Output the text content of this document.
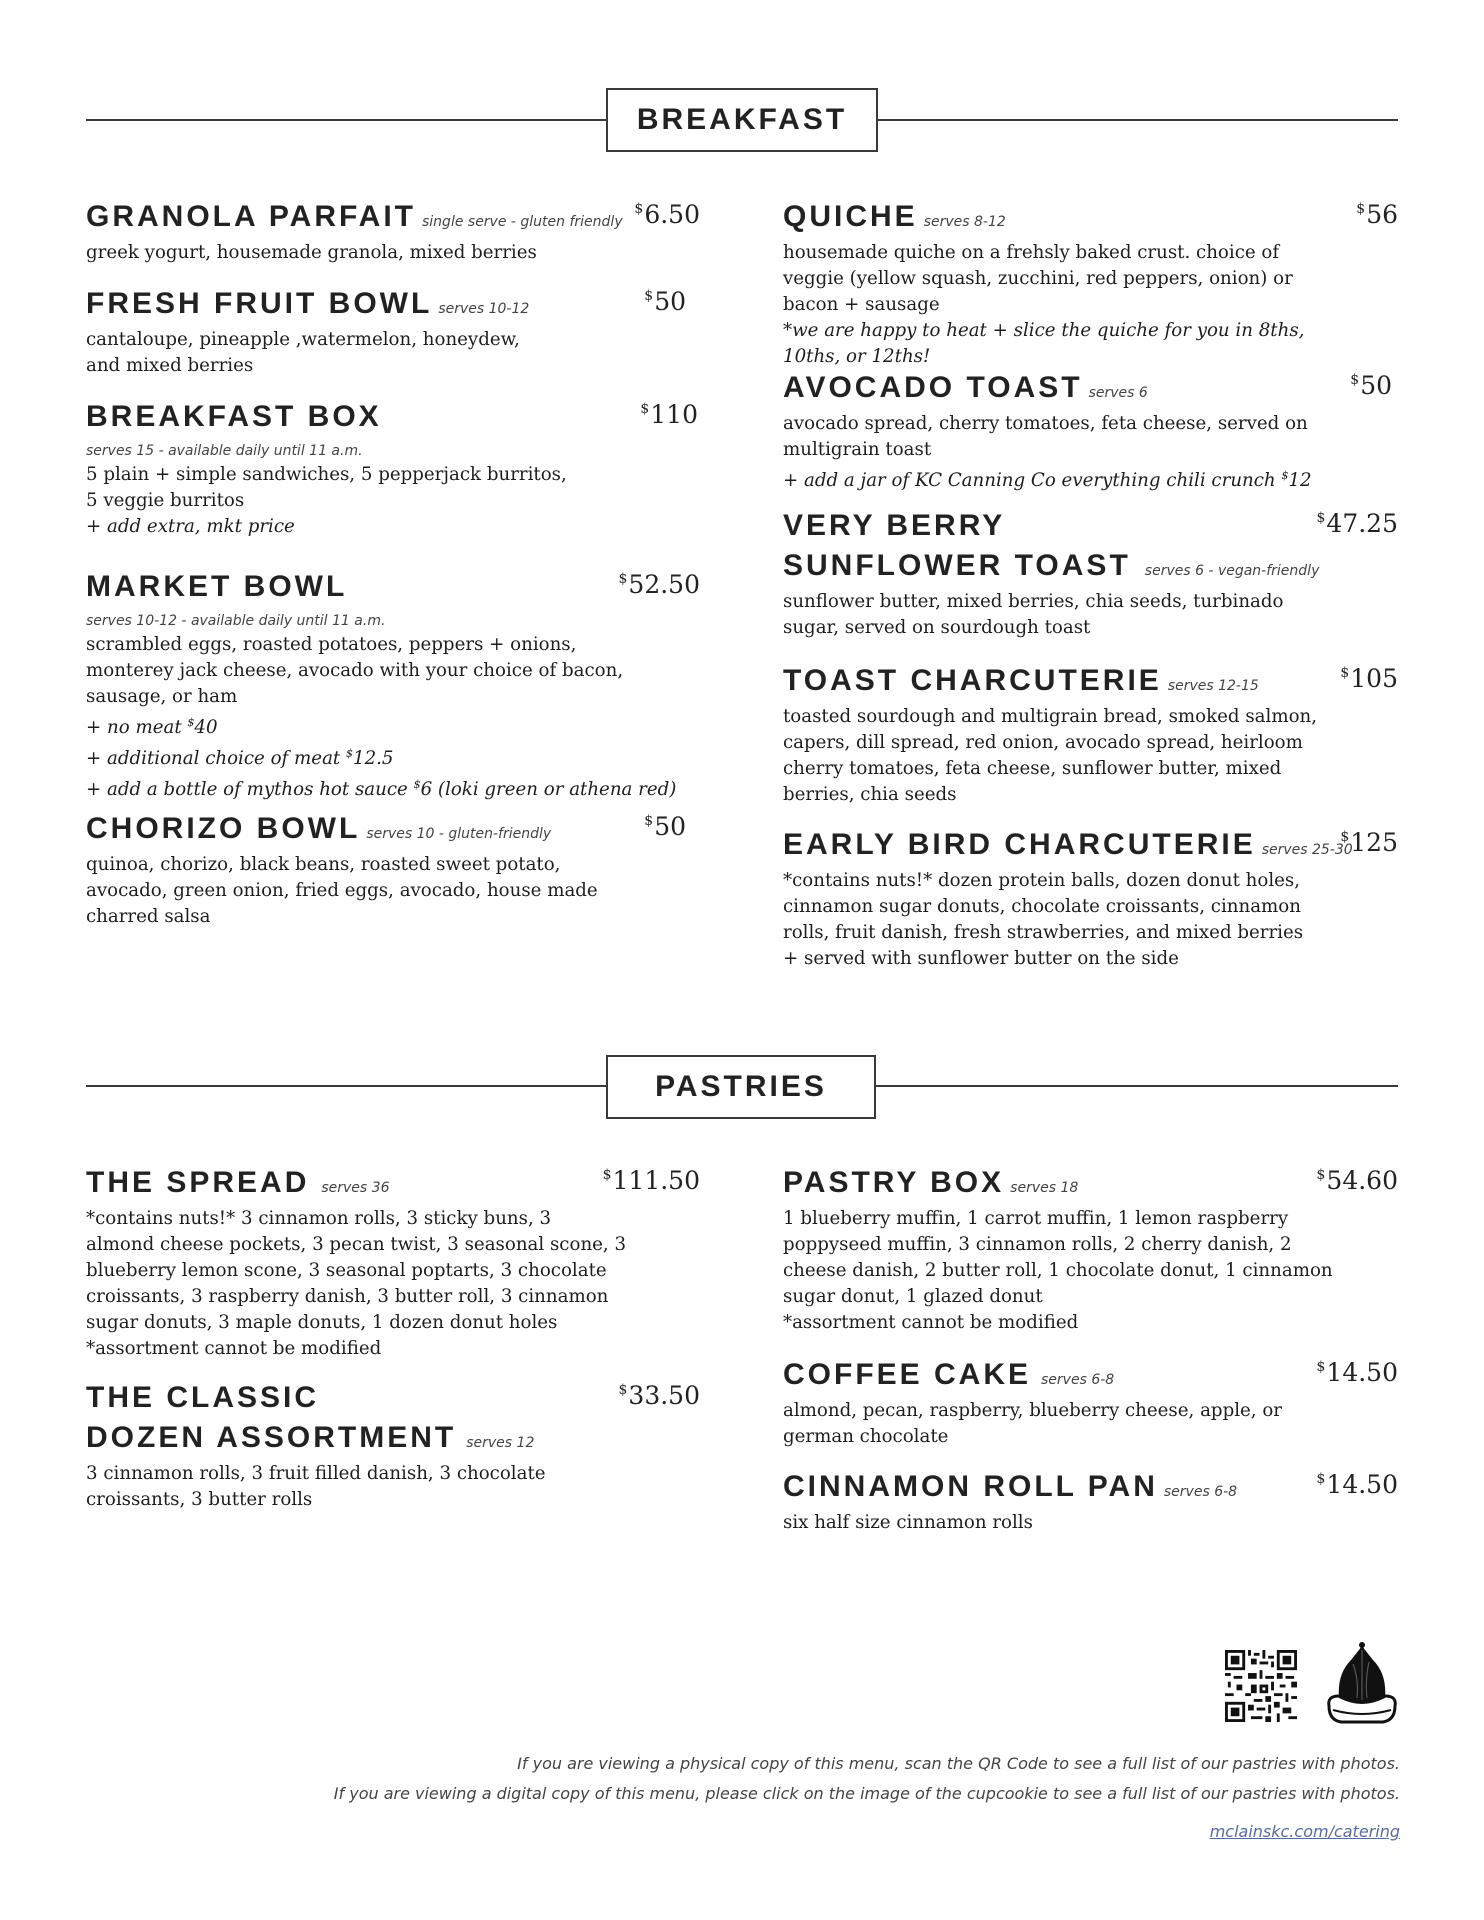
BREAKFAST
GRANOLA PARFAIT single serve - gluten friendly
$6.50

greek yogurt, housemade granola, mixed berries

FRESH FRUIT BOWL serves 10-12
$50

cantaloupe, pineapple ,watermelon, honeydew,
and mixed berries

BREAKFAST BOX	$110
serves 15 - available daily until 11 a.m.

5 plain + simple sandwiches, 5 pepperjack burritos,
5 veggie burritos

+ add extra, mkt price

MARKET BOWL	$52.50
serves 10-12 - available daily until 11 a.m.

scrambled eggs, roasted potatoes, peppers + onions,
monterey jack cheese, avocado with your choice of bacon,
sausage, or ham

+ no meat $40

+ additional choice of meat $12.5

+ add a bottle of mythos hot sauce $6 (loki green or athena red)

CHORIZO BOWL serves 10 - gluten-friendly
$50

quinoa, chorizo, black beans, roasted sweet potato,
avocado, green onion, fried eggs, avocado, house made
charred salsa

QUICHE serves 8-12
$56

housemade quiche on a frehsly baked crust. choice of
veggie (yellow squash, zucchini, red peppers, onion) or
bacon + sausage

*we are happy to heat + slice the quiche for you in 8ths,
10ths, or 12ths!

AVOCADO TOAST serves 6
$50

avocado spread, cherry tomatoes, feta cheese, served on
multigrain toast

+ add a jar of KC Canning Co everything chili crunch $12

VERY BERRY	$47.25
SUNFLOWER TOAST serves 6 - vegan-friendly

sunflower butter, mixed berries, chia seeds, turbinado
sugar, served on sourdough toast

TOAST CHARCUTERIE serves 12-15
$105

toasted sourdough and multigrain bread, smoked salmon,
capers, dill spread, red onion, avocado spread, heirloom
cherry tomatoes, feta cheese, sunflower butter, mixed
berries, chia seeds

EARLY BIRD CHARCUTERIE serves 25-30
$125

*contains nuts!* dozen protein balls, dozen donut holes,
cinnamon sugar donuts, chocolate croissants, cinnamon
rolls, fruit danish, fresh strawberries, and mixed berries
+ served with sunflower butter on the side

PASTRIES
THE SPREAD serves 36
$111.50

*contains nuts!* 3 cinnamon rolls, 3 sticky buns, 3
almond cheese pockets, 3 pecan twist, 3 seasonal scone, 3
blueberry lemon scone, 3 seasonal poptarts, 3 chocolate
croissants, 3 raspberry danish, 3 butter roll, 3 cinnamon
sugar donuts, 3 maple donuts, 1 dozen donut holes
*assortment cannot be modified

THE CLASSIC	$33.50
DOZEN ASSORTMENT serves 12

3 cinnamon rolls, 3 fruit filled danish, 3 chocolate
croissants, 3 butter rolls

PASTRY BOX serves 18
$54.60

1 blueberry muffin, 1 carrot muffin, 1 lemon raspberry
poppyseed muffin, 3 cinnamon rolls, 2 cherry danish, 2
cheese danish, 2 butter roll, 1 chocolate donut, 1 cinnamon
sugar donut, 1 glazed donut
*assortment cannot be modified

COFFEE CAKE serves 6-8
$14.50

almond, pecan, raspberry, blueberry cheese, apple, or
german chocolate

CINNAMON ROLL PAN serves 6-8
$14.50

six half size cinnamon rolls

If you are viewing a physical copy of this menu, scan the QR Code to see a full list of our pastries with photos.
If you are viewing a digital copy of this menu, please click on the image of the cupcookie to see a full list of our pastries with photos.
mclainskc.com/catering
